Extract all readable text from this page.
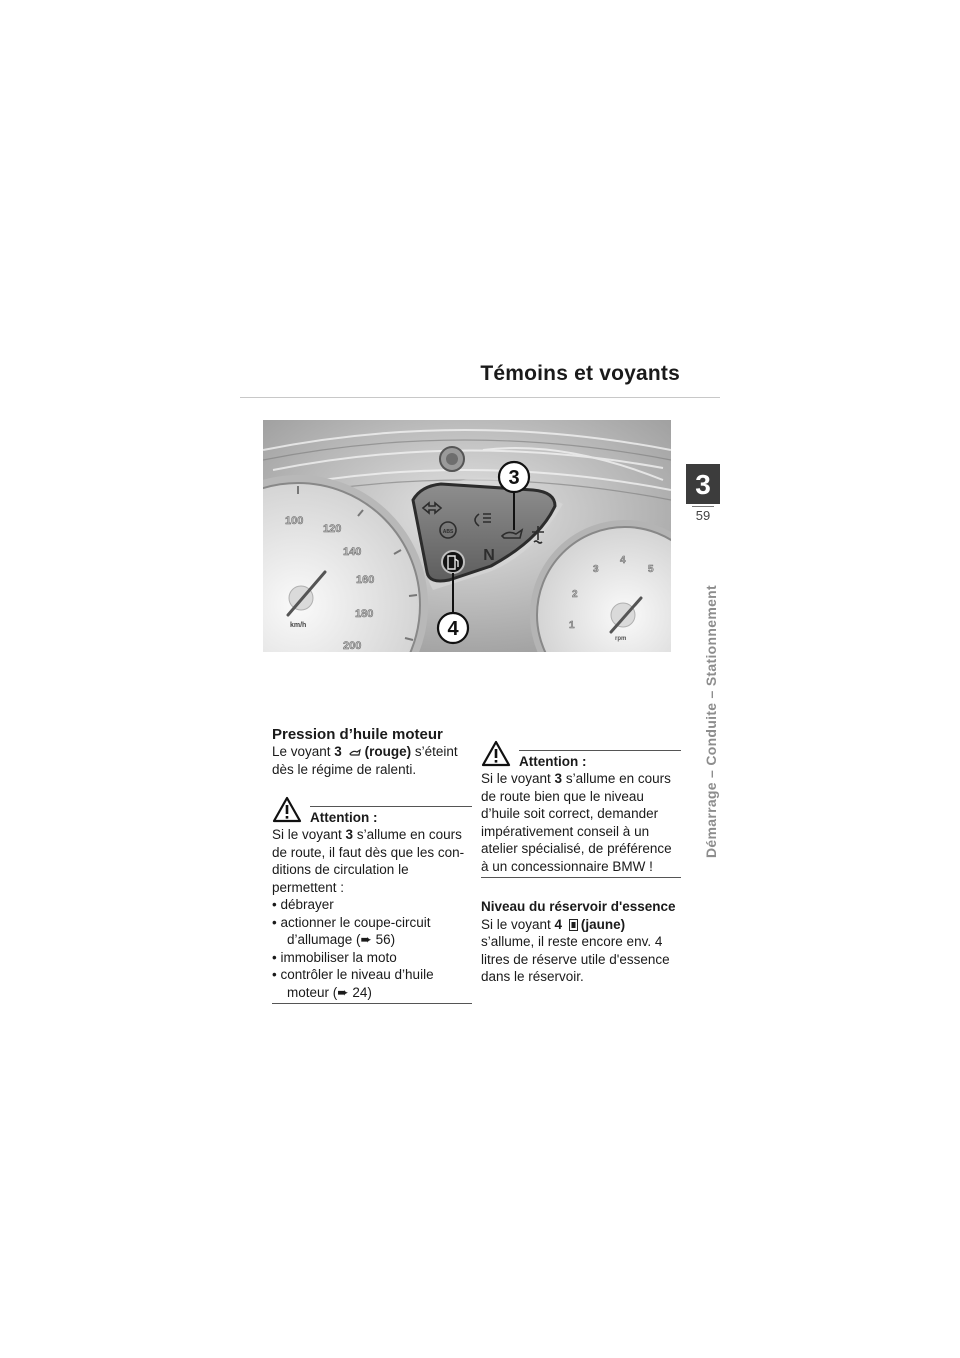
Témoins et voyants
3
59
Démarrage – Conduite – Stationnement
100
120
140
160
180
200
km/h	1
2
3
4
5
rpm
ABS
N
3
4
Pression d’huile moteur
Le voyant 3 (rouge) s’éteint dès le régime de ralenti.
Attention :
Si le voyant 3 s’allume en cours de route, il faut dès que les con-ditions de circulation le permettent :
• débrayer
• actionner le coupe-circuit
d’allumage (➨ 56)
• immobiliser la moto
• contrôler le niveau d’huile
moteur (➨ 24)
Attention :
Si le voyant 3 s’allume en cours de route bien que le niveau d’huile soit correct, demander impérativement conseil à un atelier spécialisé, de préférence à un concessionnaire BMW !
Niveau du réservoir d'essence
Si le voyant 4 (jaune) s’allume, il reste encore env. 4 litres de réserve utile d'essence dans le réservoir.
